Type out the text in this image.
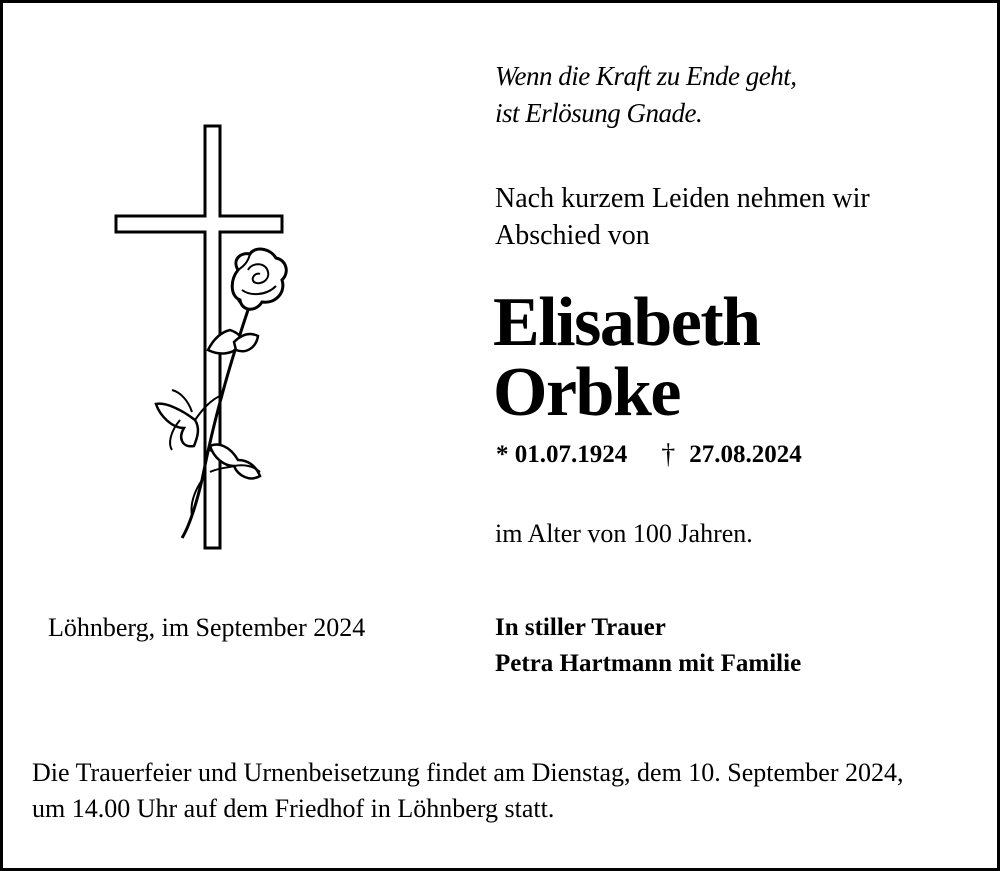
Wenn die Kraft zu Ende geht,
ist Erlösung Gnade.
Nach kurzem Leiden nehmen wir
Abschied von
Elisabeth
Orbke
*
01.07.1924 † 27.08.2024
im Alter von 100 Jahren.
Löhnberg, im September 2024	In stiller Trauer
Petra Hartmann mit Familie
Die Trauerfeier und Urnenbeisetzung findet am Dienstag, dem 10. September 2024,
um 14.00 Uhr auf dem Friedhof in Löhnberg statt.
